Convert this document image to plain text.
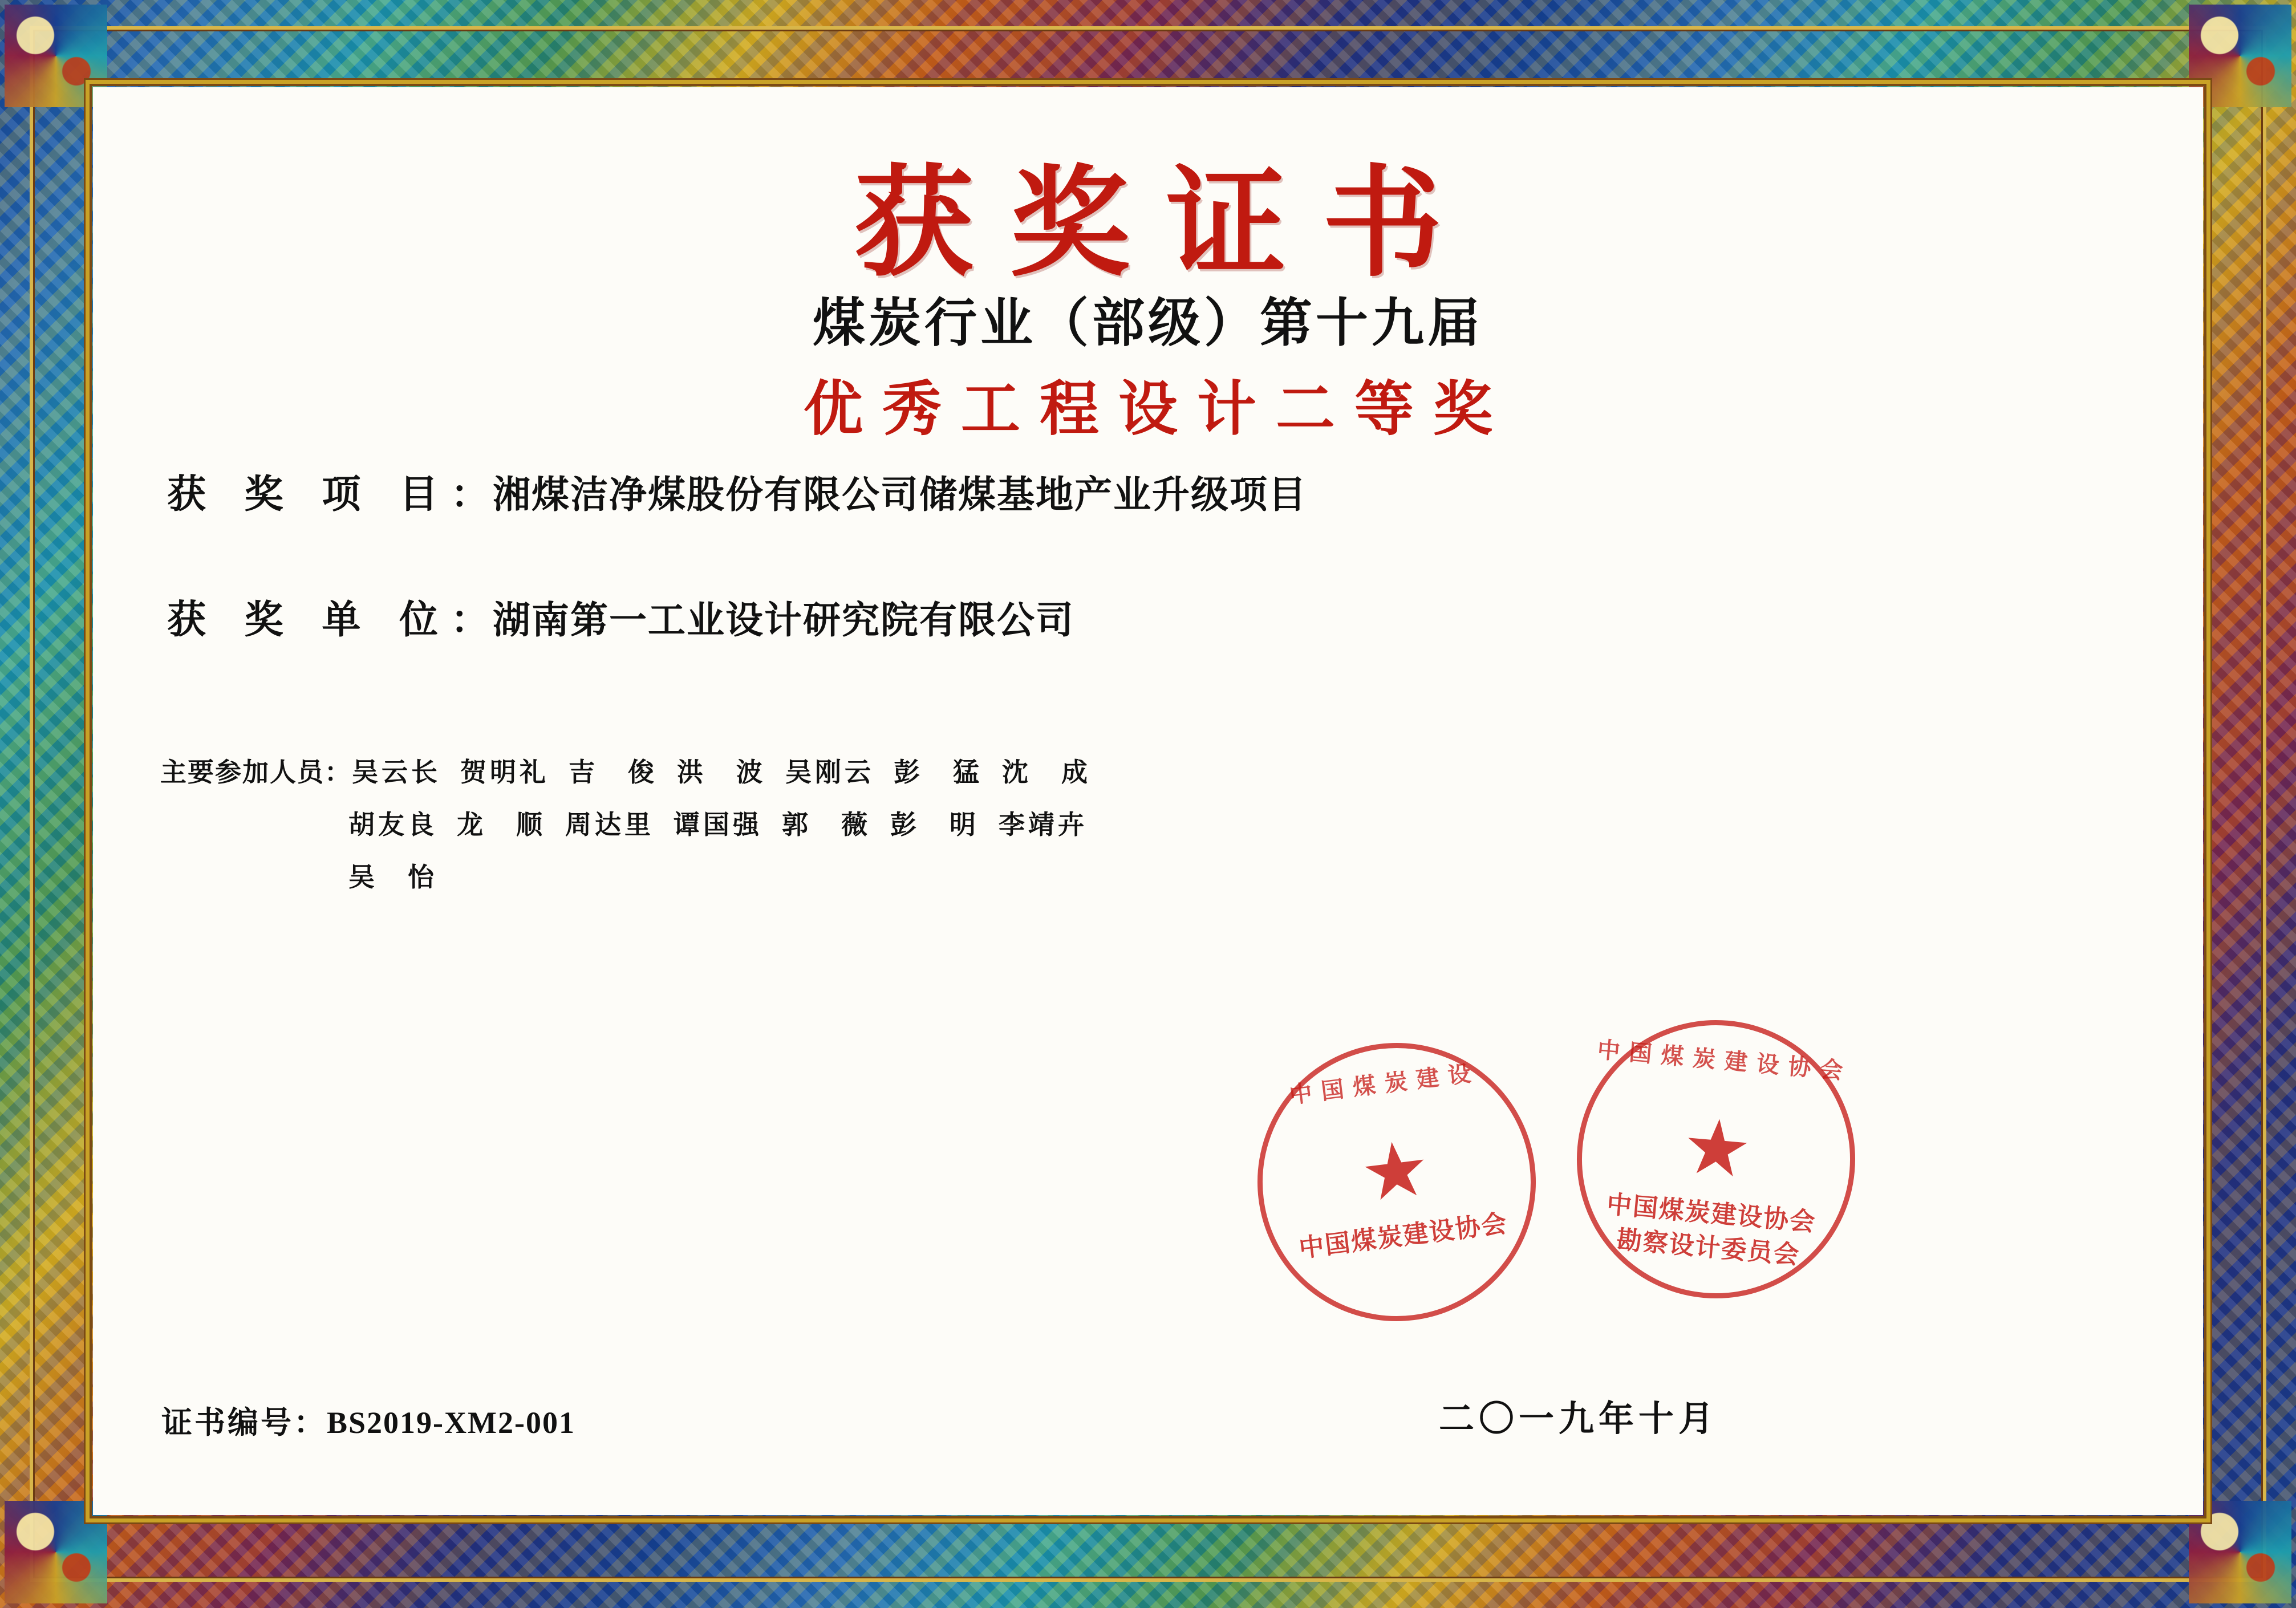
获奖证书
煤炭行业（部级）第十九届
优秀工程设计二等奖
获 奖 项 目 ： 湘煤洁净煤股份有限公司储煤基地产业升级项目
获 奖 单 位 ： 湖南第一工业设计研究院有限公司
主要参加人员： 吴云长 贺明礼 吉　俊 洪　波 吴刚云 彭　猛 沈　成
胡友良 龙　顺 周达里 谭国强 郭　薇 彭　明 李靖卉
吴　怡
证书编号：BS2019-XM2-001	二〇一九年十月
中国煤炭建设
★
中国煤炭建设协会
中国煤炭建设协会
★
中国煤炭建设协会
勘察设计委员会
